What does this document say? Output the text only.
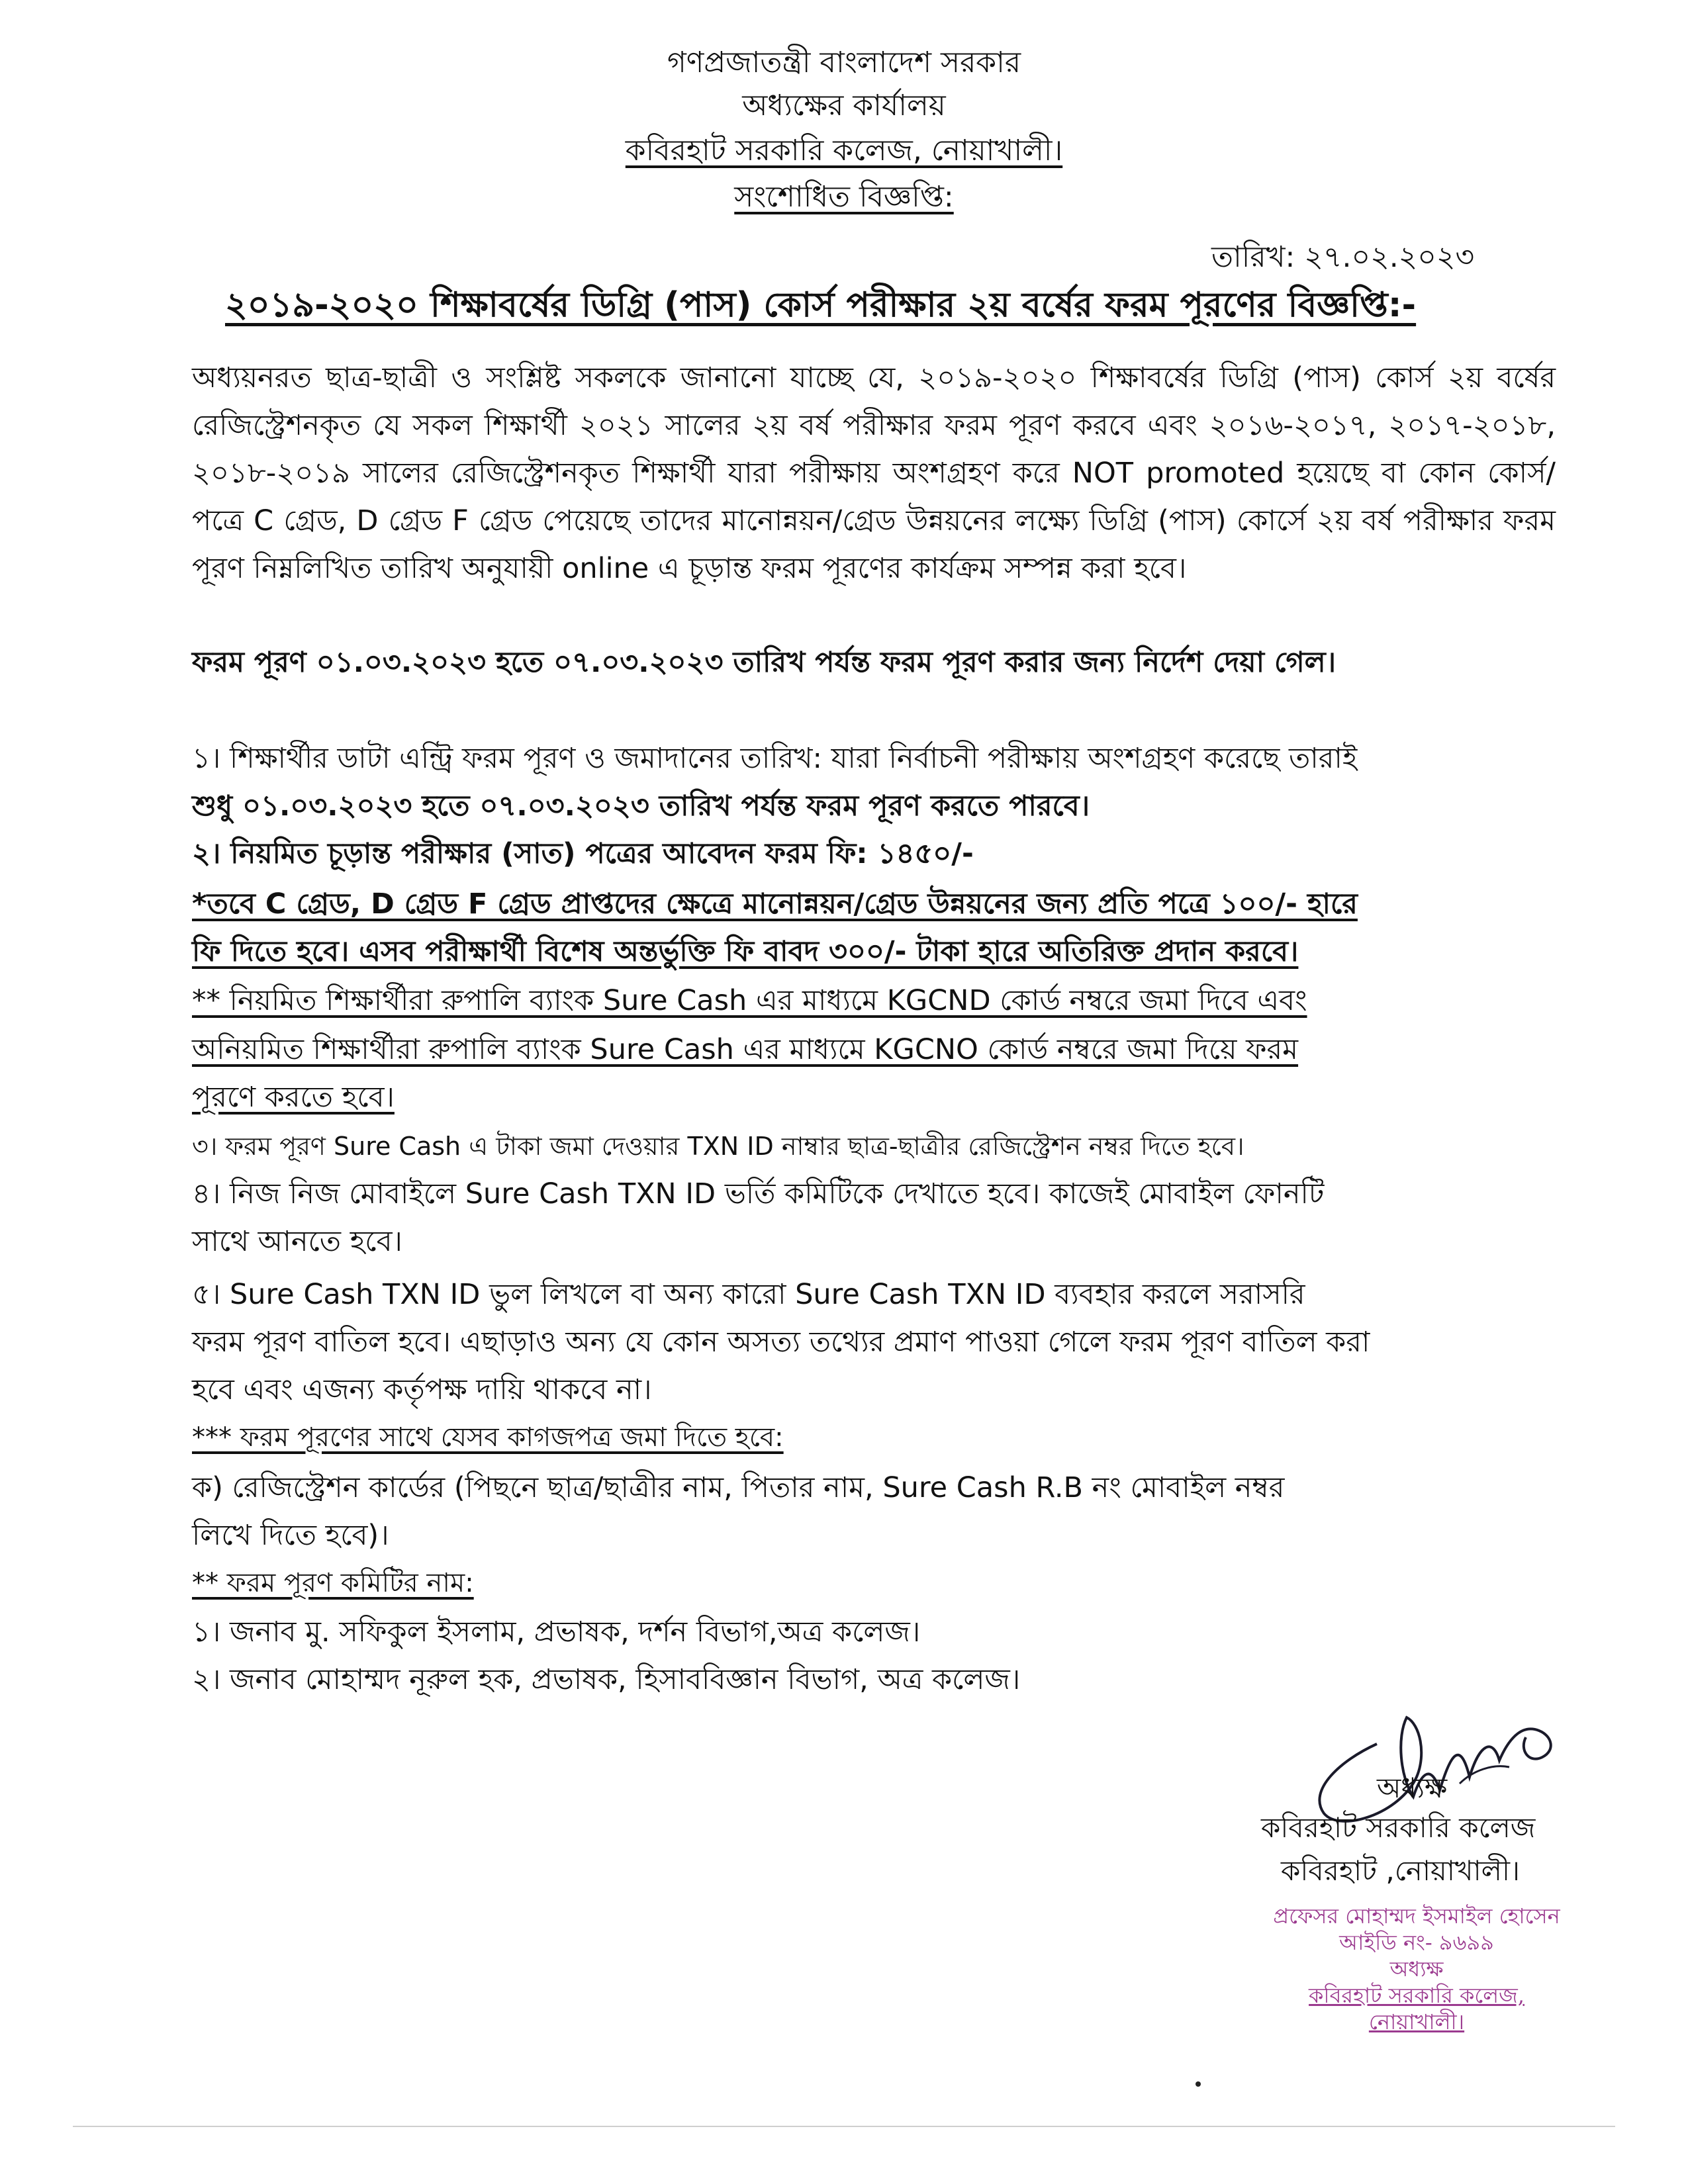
গণপ্রজাতন্ত্রী বাংলাদেশ সরকার
অধ্যক্ষের কার্যালয়
কবিরহাট সরকারি কলেজ, নোয়াখালী।
সংশোধিত বিজ্ঞপ্তি:
তারিখ: ২৭.০২.২০২৩
২০১৯-২০২০ শিক্ষাবর্ষের ডিগ্রি (পাস) কোর্স পরীক্ষার ২য় বর্ষের ফরম পূরণের বিজ্ঞপ্তি:-
অধ্যয়নরত ছাত্র-ছাত্রী ও সংশ্লিষ্ট সকলকে জানানো যাচ্ছে যে, ২০১৯-২০২০ শিক্ষাবর্ষের ডিগ্রি (পাস) কোর্স ২য় বর্ষের রেজিস্ট্রেশনকৃত যে সকল শিক্ষার্থী ২০২১ সালের ২য় বর্ষ পরীক্ষার ফরম পূরণ করবে এবং ২০১৬-২০১৭, ২০১৭-২০১৮, ২০১৮-২০১৯ সালের রেজিস্ট্রেশনকৃত শিক্ষার্থী যারা পরীক্ষায় অংশগ্রহণ করে NOT promoted হয়েছে বা কোন কোর্স/পত্রে C গ্রেড, D গ্রেড F গ্রেড পেয়েছে তাদের মানোন্নয়ন/গ্রেড উন্নয়নের লক্ষ্যে ডিগ্রি (পাস) কোর্সে ২য় বর্ষ পরীক্ষার ফরম পূরণ নিম্নলিখিত তারিখ অনুযায়ী online এ চূড়ান্ত ফরম পূরণের কার্যক্রম সম্পন্ন করা হবে।
ফরম পূরণ ০১.০৩.২০২৩ হতে ০৭.০৩.২০২৩ তারিখ পর্যন্ত ফরম পূরণ করার জন্য নির্দেশ দেয়া গেল।
১। শিক্ষার্থীর ডাটা এন্ট্রি ফরম পূরণ ও জমাদানের তারিখ: যারা নির্বাচনী পরীক্ষায় অংশগ্রহণ করেছে তারাই
শুধু ০১.০৩.২০২৩ হতে ০৭.০৩.২০২৩ তারিখ পর্যন্ত ফরম পূরণ করতে পারবে।
২। নিয়মিত চূড়ান্ত পরীক্ষার (সাত) পত্রের আবেদন ফরম ফি: ১৪৫০/-
*তবে C গ্রেড, D গ্রেড F গ্রেড প্রাপ্তদের ক্ষেত্রে মানোন্নয়ন/গ্রেড উন্নয়নের জন্য প্রতি পত্রে ১০০/- হারে
ফি দিতে হবে। এসব পরীক্ষার্থী বিশেষ অন্তর্ভুক্তি ফি বাবদ ৩০০/- টাকা হারে অতিরিক্ত প্রদান করবে।
** নিয়মিত শিক্ষার্থীরা রুপালি ব্যাংক Sure Cash এর মাধ্যমে KGCND কোর্ড নম্বরে জমা দিবে এবং
অনিয়মিত শিক্ষার্থীরা রুপালি ব্যাংক Sure Cash এর মাধ্যমে KGCNO কোর্ড নম্বরে জমা দিয়ে ফরম
পূরণে করতে হবে।
৩। ফরম পূরণ Sure Cash এ টাকা জমা দেওয়ার TXN ID নাম্বার ছাত্র-ছাত্রীর রেজিস্ট্রেশন নম্বর দিতে হবে।
৪। নিজ নিজ মোবাইলে Sure Cash TXN ID ভর্তি কমিটিকে দেখাতে হবে। কাজেই মোবাইল ফোনটি
সাথে আনতে হবে।
৫। Sure Cash TXN ID ভুল লিখলে বা অন্য কারো Sure Cash TXN ID ব্যবহার করলে সরাসরি
ফরম পূরণ বাতিল হবে। এছাড়াও অন্য যে কোন অসত্য তথ্যের প্রমাণ পাওয়া গেলে ফরম পূরণ বাতিল করা
হবে এবং এজন্য কর্তৃপক্ষ দায়ি থাকবে না।
*** ফরম পূরণের সাথে যেসব কাগজপত্র জমা দিতে হবে:
ক) রেজিস্ট্রেশন কার্ডের (পিছনে ছাত্র/ছাত্রীর নাম, পিতার নাম, Sure Cash R.B নং মোবাইল নম্বর
লিখে দিতে হবে)।
** ফরম পূরণ কমিটির নাম:
১। জনাব মু. সফিকুল ইসলাম, প্রভাষক, দর্শন বিভাগ,অত্র কলেজ।
২। জনাব মোহাম্মদ নূরুল হক, প্রভাষক, হিসাববিজ্ঞান বিভাগ, অত্র কলেজ।
অধ্যক্ষ
কবিরহাট সরকারি কলেজ
কবিরহাট ,নোয়াখালী।
প্রফেসর মোহাম্মদ ইসমাইল হোসেন
আইডি নং- ৯৬৯৯
অধ্যক্ষ
কবিরহাট সরকারি কলেজ, নোয়াখালী।
